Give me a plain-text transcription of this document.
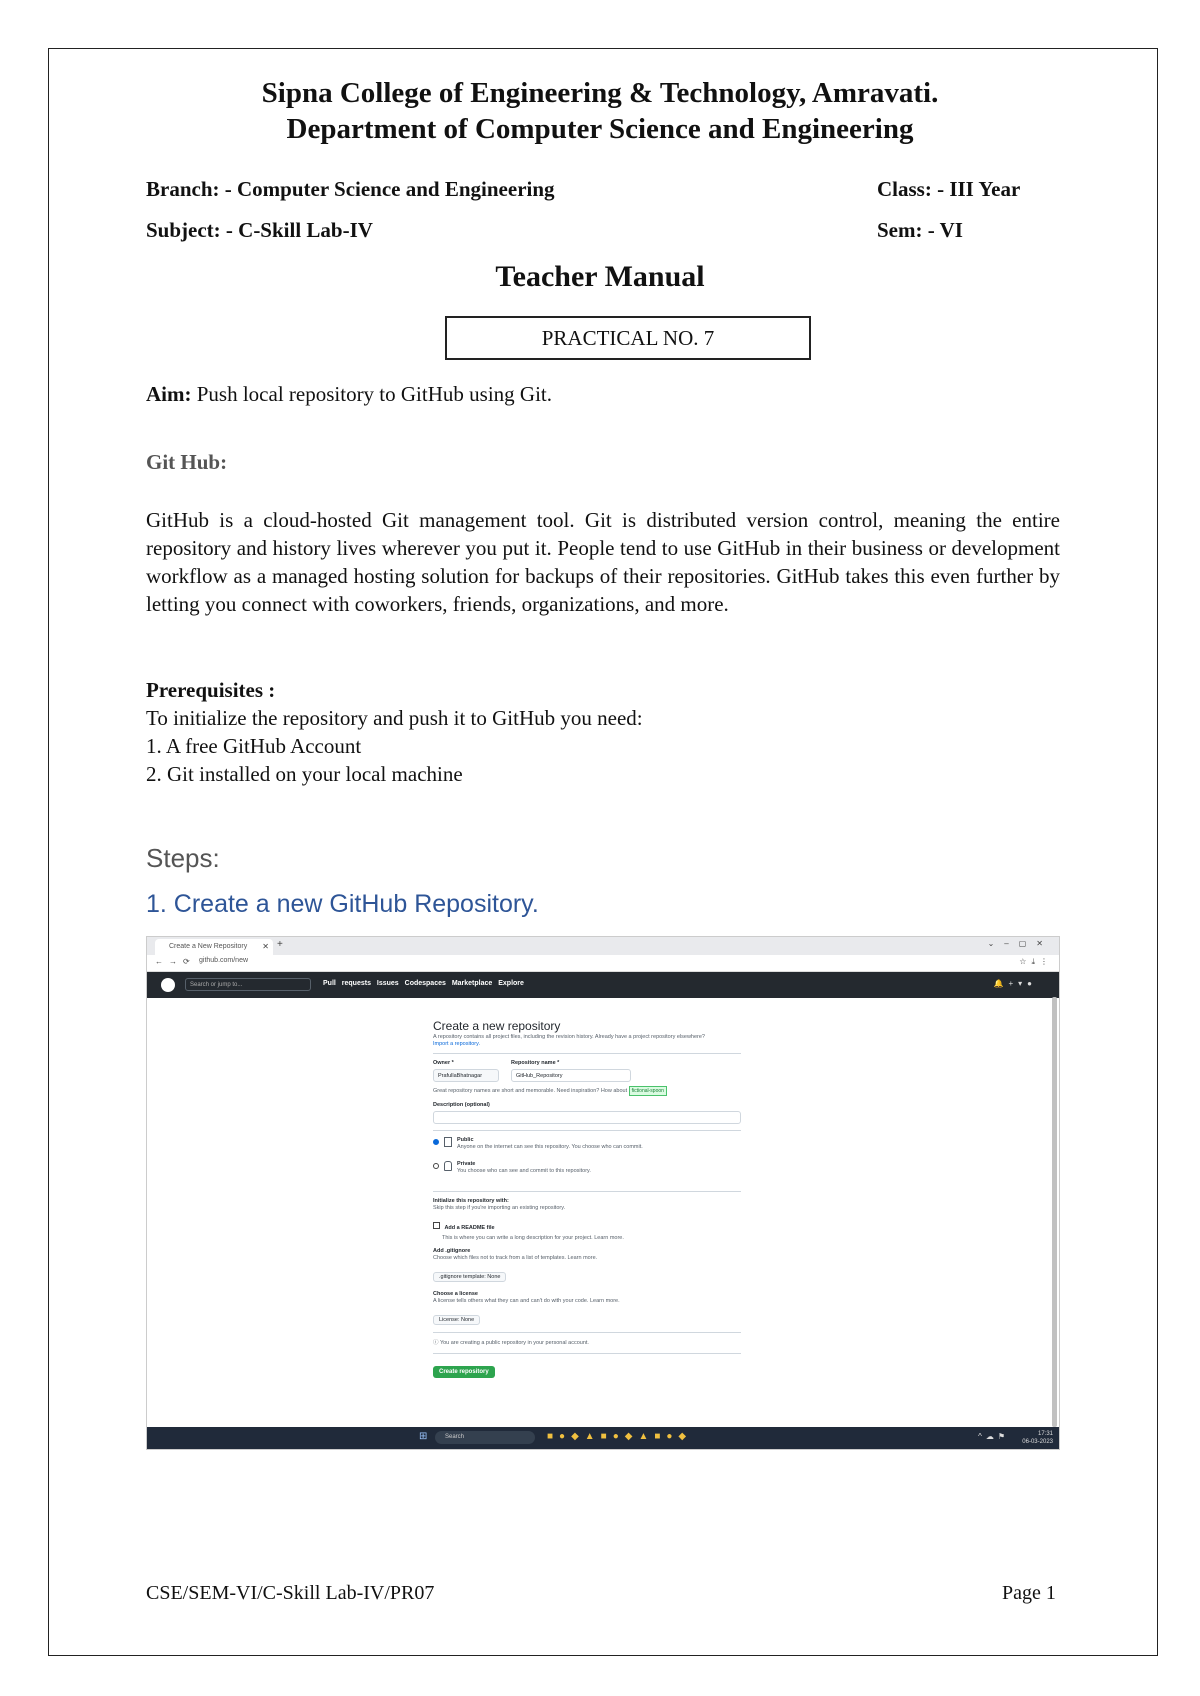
Sipna College of Engineering & Technology, Amravati.
Department of Computer Science and Engineering
Branch: - Computer Science and Engineering	Class: - III Year
Subject: - C-Skill Lab-IV	Sem: - VI
Teacher Manual
PRACTICAL NO. 7
Aim: Push local repository to GitHub using Git.
Git Hub:
GitHub is a cloud-hosted Git management tool. Git is distributed version control, meaning the entire repository and history lives wherever you put it. People tend to use GitHub in their business or development workflow as a managed hosting solution for backups of their repositories. GitHub takes this even further by letting you connect with coworkers, friends, organizations, and more.
Prerequisites :
To initialize the repository and push it to GitHub you need:
1. A free GitHub Account
2. Git installed on your local machine
Steps:
1. Create a new GitHub Repository.
Create a New Repository ✕ +	⌄–▢✕
←→⟳ github.com/new	☆⤓⋮
Search or jump to...	Pull requests Issues Codespaces Marketplace Explore	🔔+▾●
Create a new repository
A repository contains all project files, including the revision history. Already have a project repository elsewhere?
Import a repository.
Owner *
PrafullaBhatnagar
Repository name *
GitHub_Repository
Great repository names are short and memorable. Need inspiration? How about fictional-spoon
Description (optional)
Public
Anyone on the internet can see this repository. You choose who can commit.
Private
You choose who can see and commit to this repository.
Initialize this repository with:
Skip this step if you're importing an existing repository.
Add a README file
This is where you can write a long description for your project. Learn more.
Add .gitignore
Choose which files not to track from a list of templates. Learn more.
.gitignore template: None
Choose a license
A license tells others what they can and can't do with your code. Learn more.
License: None
ⓘ You are creating a public repository in your personal account.
Create repository
⊞	Search	■●◆▲■●◆▲■●◆	^☁⚑	17:31
06-03-2023
CSE/SEM-VI/C-Skill Lab-IV/PR07	Page 1
